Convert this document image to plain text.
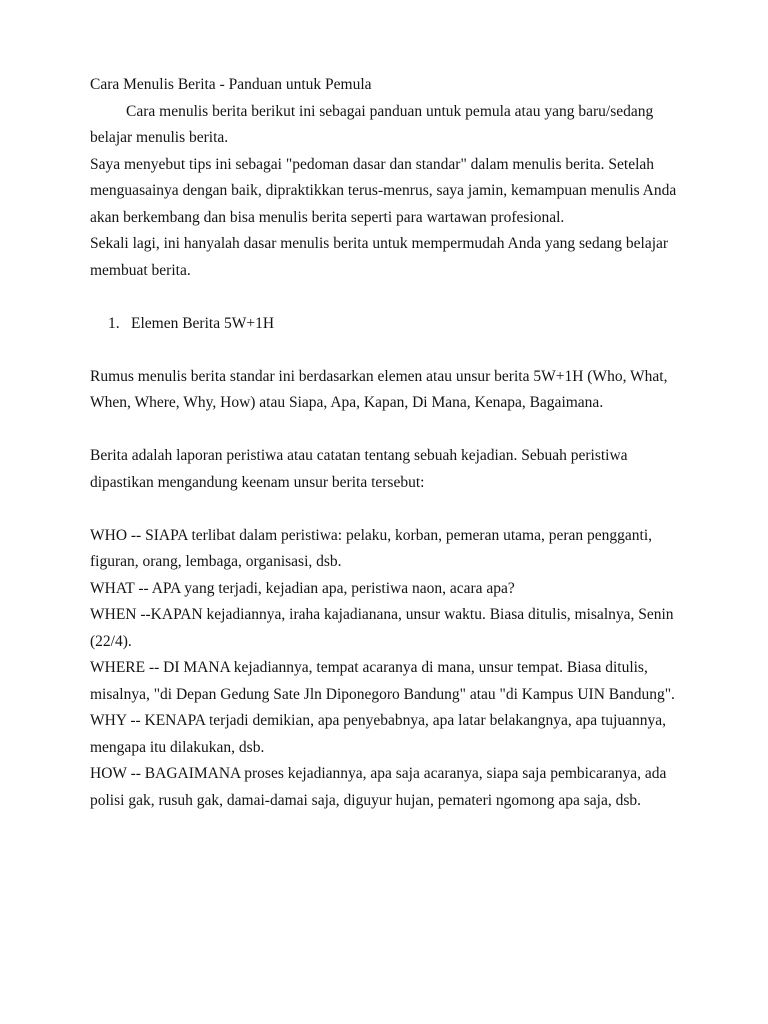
Cara Menulis Berita - Panduan untuk Pemula

Cara menulis berita berikut ini sebagai panduan untuk pemula atau yang baru/sedang belajar menulis berita.

Saya menyebut tips ini sebagai "pedoman dasar dan standar" dalam menulis berita. Setelah menguasainya dengan baik, dipraktikkan terus-menrus, saya jamin, kemampuan menulis Anda akan berkembang dan bisa menulis berita seperti para wartawan profesional.

Sekali lagi, ini hanyalah dasar menulis berita untuk mempermudah Anda yang sedang belajar membuat berita.

1. Elemen Berita 5W+1H

Rumus menulis berita standar ini berdasarkan elemen atau unsur berita 5W+1H (Who, What, When, Where, Why, How) atau Siapa, Apa, Kapan, Di Mana, Kenapa, Bagaimana.

Berita adalah laporan peristiwa atau catatan tentang sebuah kejadian. Sebuah peristiwa dipastikan mengandung keenam unsur berita tersebut:

WHO -- SIAPA terlibat dalam peristiwa: pelaku, korban, pemeran utama, peran pengganti, figuran, orang, lembaga, organisasi, dsb.

WHAT -- APA yang terjadi, kejadian apa, peristiwa naon, acara apa?

WHEN --KAPAN kejadiannya, iraha kajadianana, unsur waktu. Biasa ditulis, misalnya, Senin (22/4).

WHERE -- DI MANA kejadiannya, tempat acaranya di mana, unsur tempat. Biasa ditulis, misalnya, "di Depan Gedung Sate Jln Diponegoro Bandung" atau "di Kampus UIN Bandung".

WHY -- KENAPA terjadi demikian, apa penyebabnya, apa latar belakangnya, apa tujuannya, mengapa itu dilakukan, dsb.

HOW -- BAGAIMANA proses kejadiannya, apa saja acaranya, siapa saja pembicaranya, ada polisi gak, rusuh gak, damai-damai saja, diguyur hujan, pemateri ngomong apa saja, dsb.
